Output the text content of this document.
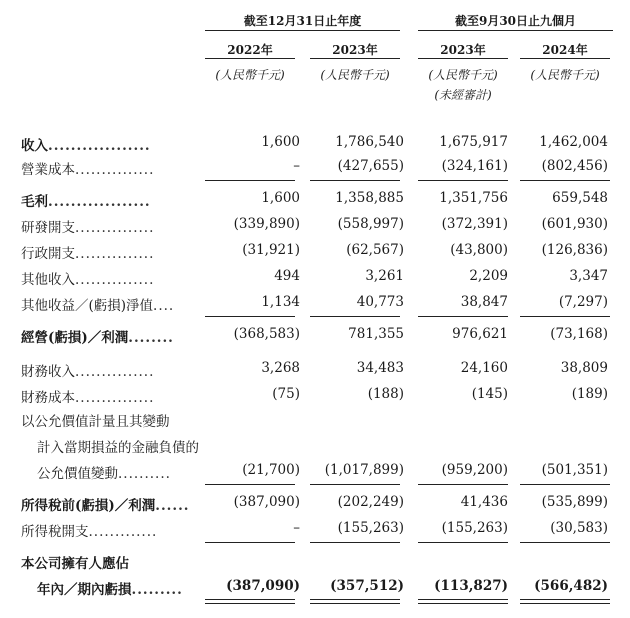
截至12月31日止年度	截至9月30日止九個月
2022年	2023年	2023年	2024年
(人民幣千元)	(人民幣千元)	(人民幣千元)	(人民幣千元)
(未經審計)
收入..................	1,600	1,786,540	1,675,917 1,462,004
營業成本...............	–	(427,655)	(324,161) (802,456)
毛利..................	1,600	1,358,885	1,351,756	659,548
研發開支...............	(339,890)	(558,997)	(372,391) (601,930)
行政開支...............	(31,921)	(62,567)	(43,800) (126,836)
其他收入...............	494	3,261	2,209	3,347
其他收益／(虧損)淨值....	1,134	40,773	38,847	(7,297)
經營(虧損)／利潤........	(368,583)	781,355	976,621	(73,168)
財務收入...............	3,268	34,483	24,160	38,809
財務成本...............	(75)	(188)	(145)	(189)
以公允價值計量且其變動
計入當期損益的金融負債的
公允價值變動..........	(21,700) (1,017,899)	(959,200) (501,351)
所得稅前(虧損)／利潤......	(387,090)	(202,249)	41,436 (535,899)
所得稅開支.............	–	(155,263)	(155,263)	(30,583)
本公司擁有人應佔
年內／期內虧損.........	(387,090) (357,512) (113,827) (566,482)
